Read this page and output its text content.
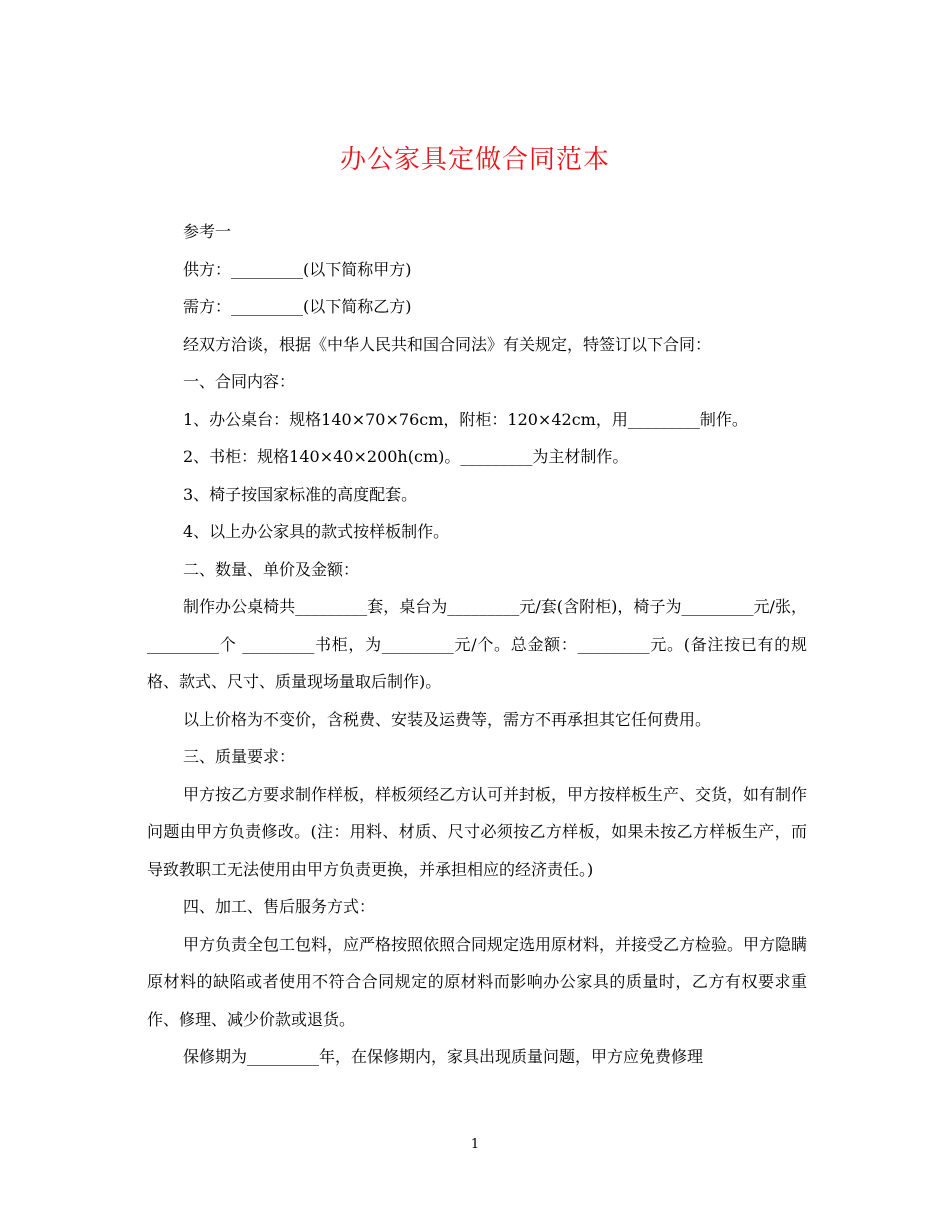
办公家具定做合同范本

参考一

供方：_________(以下简称甲方)

需方：_________(以下简称乙方)

经双方洽谈，根据《中华人民共和国合同法》有关规定，特签订以下合同：

一、合同内容：

1、办公桌台：规格140×70×76cm，附柜：120×42cm，用_________制作。

2、书柜：规格140×40×200h(cm)。_________为主材制作。

3、椅子按国家标准的高度配套。

4、以上办公家具的款式按样板制作。

二、数量、单价及金额：

制作办公桌椅共_________套，桌台为_________元/套(含附柜)，椅子为_________元/张，_________个 _________书柜，为_________元/个。总金额：_________元。(备注按已有的规格、款式、尺寸、质量现场量取后制作)。

以上价格为不变价，含税费、安装及运费等，需方不再承担其它任何费用。

三、质量要求：

甲方按乙方要求制作样板，样板须经乙方认可并封板，甲方按样板生产、交货，如有制作问题由甲方负责修改。(注：用料、材质、尺寸必须按乙方样板，如果未按乙方样板生产，而导致教职工无法使用由甲方负责更换，并承担相应的经济责任。)

四、加工、售后服务方式：

甲方负责全包工包料，应严格按照依照合同规定选用原材料，并接受乙方检验。甲方隐瞒原材料的缺陷或者使用不符合合同规定的原材料而影响办公家具的质量时，乙方有权要求重作、修理、减少价款或退货。

保修期为_________年，在保修期内，家具出现质量问题，甲方应免费修理

1
